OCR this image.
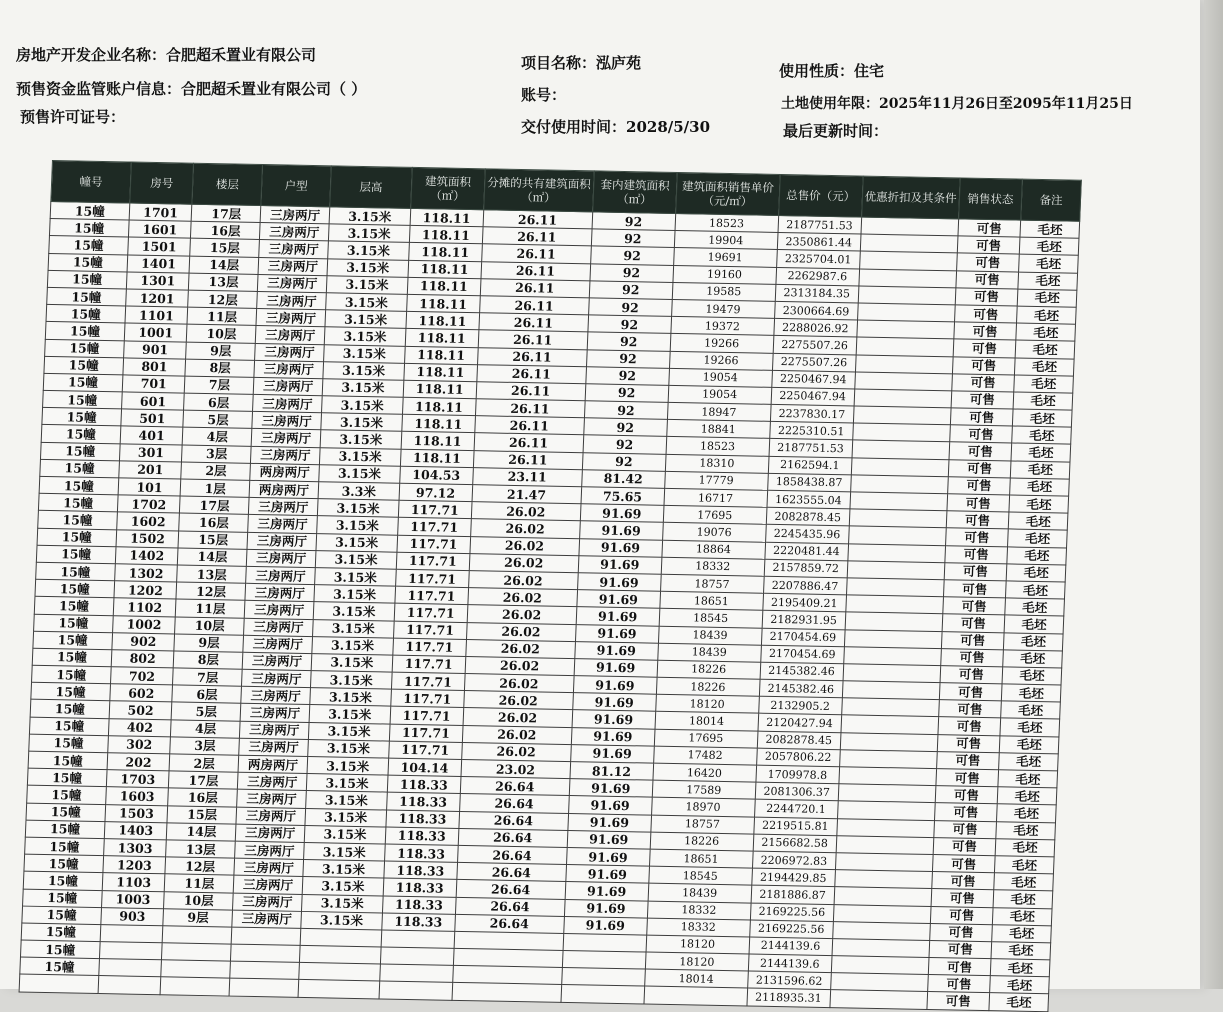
房地产开发企业名称：合肥超禾置业有限公司
预售资金监管账户信息：合肥超禾置业有限公司（ ）
预售许可证号：
项目名称：泓庐苑
账号：
交付使用时间：2028/5/30
使用性质：住宅
土地使用年限：2025年11月26日至2095年11月25日
最后更新时间：
幢号	房号	楼层	户型	层高	建筑面积（㎡）	分摊的共有建筑面积（㎡）	套内建筑面积（㎡）	建筑面积销售单价（元/㎡）	总售价（元）	优惠折扣及其条件	销售状态	备注
15幢	1701	17层	三房两厅	3.15米	118.11	26.11	92	18523	2187751.53		可售	毛坯
15幢	1601	16层	三房两厅	3.15米	118.11	26.11	92	19904	2350861.44		可售	毛坯
15幢	1501	15层	三房两厅	3.15米	118.11	26.11	92	19691	2325704.01		可售	毛坯
15幢	1401	14层	三房两厅	3.15米	118.11	26.11	92	19160	2262987.6		可售	毛坯
15幢	1301	13层	三房两厅	3.15米	118.11	26.11	92	19585	2313184.35		可售	毛坯
15幢	1201	12层	三房两厅	3.15米	118.11	26.11	92	19479	2300664.69		可售	毛坯
15幢	1101	11层	三房两厅	3.15米	118.11	26.11	92	19372	2288026.92		可售	毛坯
15幢	1001	10层	三房两厅	3.15米	118.11	26.11	92	19266	2275507.26		可售	毛坯
15幢	901	9层	三房两厅	3.15米	118.11	26.11	92	19266	2275507.26		可售	毛坯
15幢	801	8层	三房两厅	3.15米	118.11	26.11	92	19054	2250467.94		可售	毛坯
15幢	701	7层	三房两厅	3.15米	118.11	26.11	92	19054	2250467.94		可售	毛坯
15幢	601	6层	三房两厅	3.15米	118.11	26.11	92	18947	2237830.17		可售	毛坯
15幢	501	5层	三房两厅	3.15米	118.11	26.11	92	18841	2225310.51		可售	毛坯
15幢	401	4层	三房两厅	3.15米	118.11	26.11	92	18523	2187751.53		可售	毛坯
15幢	301	3层	三房两厅	3.15米	118.11	26.11	92	18310	2162594.1		可售	毛坯
15幢	201	2层	两房两厅	3.15米	104.53	23.11	81.42	17779	1858438.87		可售	毛坯
15幢	101	1层	两房两厅	3.3米	97.12	21.47	75.65	16717	1623555.04		可售	毛坯
15幢	1702	17层	三房两厅	3.15米	117.71	26.02	91.69	17695	2082878.45		可售	毛坯
15幢	1602	16层	三房两厅	3.15米	117.71	26.02	91.69	19076	2245435.96		可售	毛坯
15幢	1502	15层	三房两厅	3.15米	117.71	26.02	91.69	18864	2220481.44		可售	毛坯
15幢	1402	14层	三房两厅	3.15米	117.71	26.02	91.69	18332	2157859.72		可售	毛坯
15幢	1302	13层	三房两厅	3.15米	117.71	26.02	91.69	18757	2207886.47		可售	毛坯
15幢	1202	12层	三房两厅	3.15米	117.71	26.02	91.69	18651	2195409.21		可售	毛坯
15幢	1102	11层	三房两厅	3.15米	117.71	26.02	91.69	18545	2182931.95		可售	毛坯
15幢	1002	10层	三房两厅	3.15米	117.71	26.02	91.69	18439	2170454.69		可售	毛坯
15幢	902	9层	三房两厅	3.15米	117.71	26.02	91.69	18439	2170454.69		可售	毛坯
15幢	802	8层	三房两厅	3.15米	117.71	26.02	91.69	18226	2145382.46		可售	毛坯
15幢	702	7层	三房两厅	3.15米	117.71	26.02	91.69	18226	2145382.46		可售	毛坯
15幢	602	6层	三房两厅	3.15米	117.71	26.02	91.69	18120	2132905.2		可售	毛坯
15幢	502	5层	三房两厅	3.15米	117.71	26.02	91.69	18014	2120427.94		可售	毛坯
15幢	402	4层	三房两厅	3.15米	117.71	26.02	91.69	17695	2082878.45		可售	毛坯
15幢	302	3层	三房两厅	3.15米	117.71	26.02	91.69	17482	2057806.22		可售	毛坯
15幢	202	2层	两房两厅	3.15米	104.14	23.02	81.12	16420	1709978.8		可售	毛坯
15幢	1703	17层	三房两厅	3.15米	118.33	26.64	91.69	17589	2081306.37		可售	毛坯
15幢	1603	16层	三房两厅	3.15米	118.33	26.64	91.69	18970	2244720.1		可售	毛坯
15幢	1503	15层	三房两厅	3.15米	118.33	26.64	91.69	18757	2219515.81		可售	毛坯
15幢	1403	14层	三房两厅	3.15米	118.33	26.64	91.69	18226	2156682.58		可售	毛坯
15幢	1303	13层	三房两厅	3.15米	118.33	26.64	91.69	18651	2206972.83		可售	毛坯
15幢	1203	12层	三房两厅	3.15米	118.33	26.64	91.69	18545	2194429.85		可售	毛坯
15幢	1103	11层	三房两厅	3.15米	118.33	26.64	91.69	18439	2181886.87		可售	毛坯
15幢	1003	10层	三房两厅	3.15米	118.33	26.64	91.69	18332	2169225.56		可售	毛坯
15幢	903	9层	三房两厅	3.15米	118.33	26.64	91.69	18332	2169225.56		可售	毛坯
15幢								18120	2144139.6		可售	毛坯
15幢								18120	2144139.6		可售	毛坯
15幢								18014	2131596.62		可售	毛坯
									2118935.31		可售	毛坯
